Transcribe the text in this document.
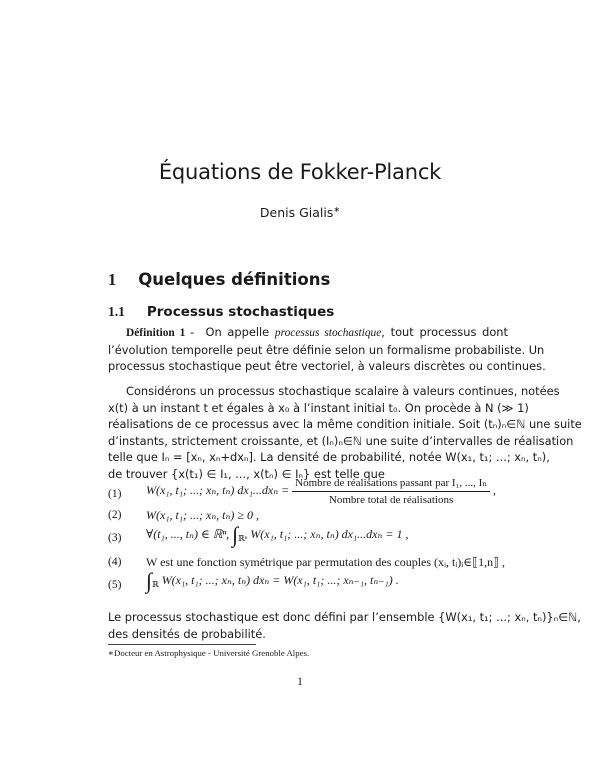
Équations de Fokker-Planck
Denis Gialis∗
1 Quelques définitions
1.1 Processus stochastiques
Définition 1 - On appelle processus stochastique, tout processus dont
l’évolution temporelle peut être définie selon un formalisme probabiliste. Un
processus stochastique peut être vectoriel, à valeurs discrètes ou continues.
Considérons un processus stochastique scalaire à valeurs continues, notées
x(t) à un instant t et égales à x₀ à l’instant initial t₀. On procède à N (≫ 1)
réalisations de ce processus avec la même condition initiale. Soit (tₙ)ₙ∈ℕ une suite
d’instants, strictement croissante, et (Iₙ)ₙ∈ℕ une suite d’intervalles de réalisation
telle que Iₙ = [xₙ, xₙ+dxₙ]. La densité de probabilité, notée W(x₁, t₁; ...; xₙ, tₙ),
de trouver {x(t₁) ∈ I₁, ..., x(tₙ) ∈ Iₙ} est telle que
(1) W(x₁, t₁; ...; xₙ, tₙ) $dx_1...dx_n = \frac{\text{Nombre de réalisations passant par I₁, ..., Iₙ}}{\text{Nombre total de réalisations}}$ ,
(2) W(x₁, t₁; ...; xₙ, tₙ) ≥ 0 ,
(3) ∀(t₁, ..., tₙ) ∈ ℝⁿ, $\int_{ℝ^n}$ W(x₁, t₁; ...; xₙ, tₙ) dx₁...dxₙ = 1 ,
(4) W est une fonction symétrique par permutation des couples (xᵢ, tᵢ)ᵢ∈⟦1,n⟧ ,
(5) $\int_ℝ$ W(x₁, t₁; ...; xₙ, tₙ) dxₙ = W(x₁, t₁; ...; xₙ₋₁, tₙ₋₁) .
Le processus stochastique est donc défini par l’ensemble {W(x₁, t₁; ...; xₙ, tₙ)}ₙ∈ℕ,
des densités de probabilité.
∗Docteur en Astrophysique - Université Grenoble Alpes.
1
